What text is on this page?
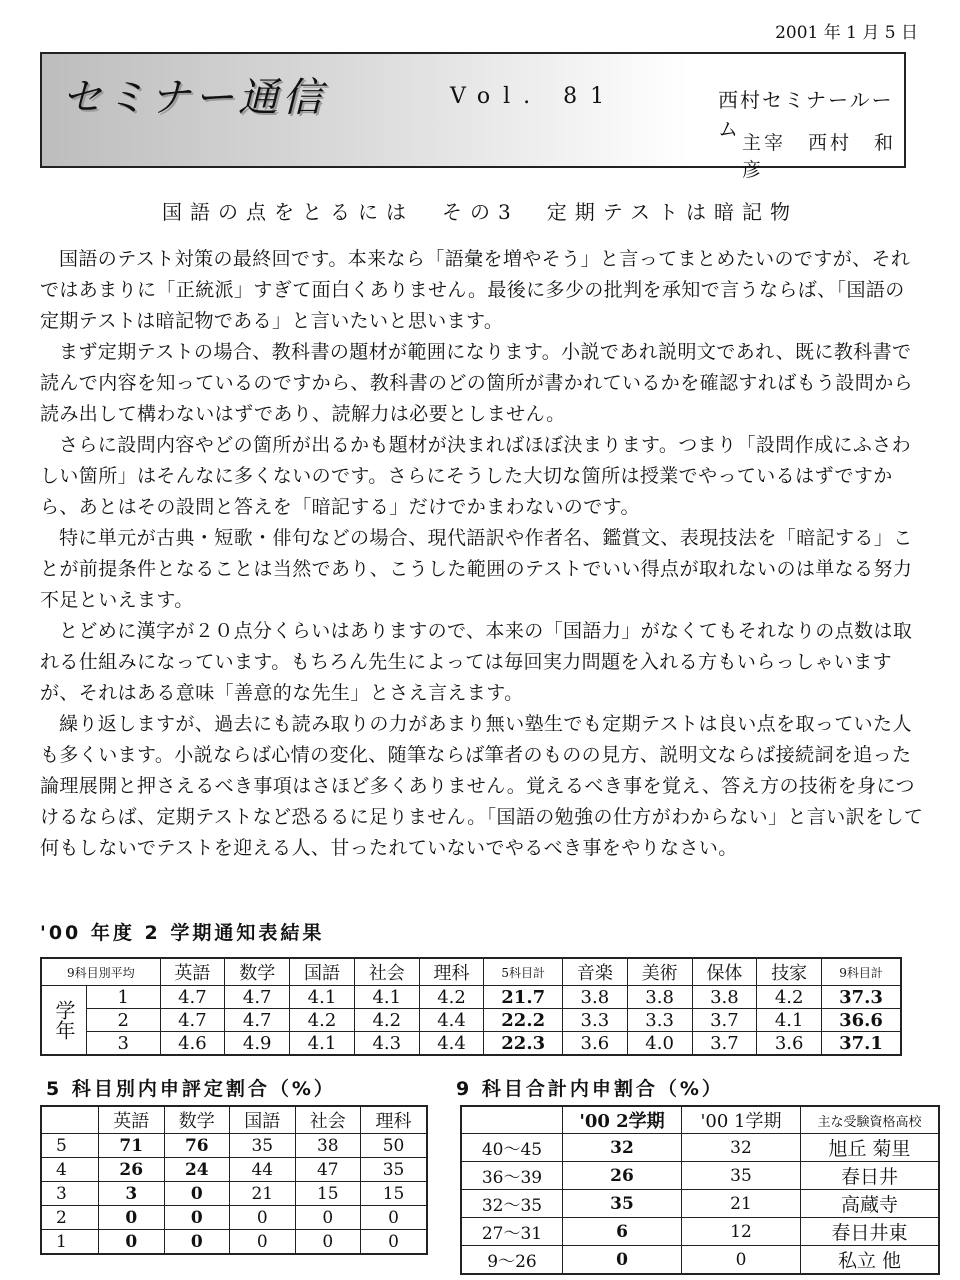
2001 年 1 月 5 日
セミナー通信	Vol. 81	西村セミナールーム
主宰　西村　和彦
国語の点をとるには　その3　定期テストは暗記物

国語のテスト対策の最終回です。本来なら「語彙を増やそう」と言ってまとめたいのですが、それではあまりに「正統派」すぎて面白くありません。最後に多少の批判を承知で言うならば、「国語の定期テストは暗記物である」と言いたいと思います。

まず定期テストの場合、教科書の題材が範囲になります。小説であれ説明文であれ、既に教科書で読んで内容を知っているのですから、教科書のどの箇所が書かれているかを確認すればもう設問から読み出して構わないはずであり、読解力は必要としません。

さらに設問内容やどの箇所が出るかも題材が決まればほぼ決まります。つまり「設問作成にふさわしい箇所」はそんなに多くないのです。さらにそうした大切な箇所は授業でやっているはずですから、あとはその設問と答えを「暗記する」だけでかまわないのです。

特に単元が古典・短歌・俳句などの場合、現代語訳や作者名、鑑賞文、表現技法を「暗記する」ことが前提条件となることは当然であり、こうした範囲のテストでいい得点が取れないのは単なる努力不足といえます。

とどめに漢字が２０点分くらいはありますので、本来の「国語力」がなくてもそれなりの点数は取れる仕組みになっています。もちろん先生によっては毎回実力問題を入れる方もいらっしゃいますが、それはある意味「善意的な先生」とさえ言えます。

繰り返しますが、過去にも読み取りの力があまり無い塾生でも定期テストは良い点を取っていた人も多くいます。小説ならば心情の変化、随筆ならば筆者のものの見方、説明文ならば接続詞を追った論理展開と押さえるべき事項はさほど多くありません。覚えるべき事を覚え、答え方の技術を身につけるならば、定期テストなど恐るるに足りません。「国語の勉強の仕方がわからない」と言い訳をして何もしないでテストを迎える人、甘ったれていないでやるべき事をやりなさい。

'00 年度 2 学期通知表結果
9科目別平均		英語	数学	国語	社会	理科	5科目計	音楽	美術	保体	技家	9科目計
学年	1	4.7	4.7	4.1	4.1	4.2	21.7	3.8	3.8	3.8	4.2	37.3
	2	4.7	4.7	4.2	4.2	4.4	22.2	3.3	3.3	3.7	4.1	36.6
	3	4.6	4.9	4.1	4.3	4.4	22.3	3.6	4.0	3.7	3.6	37.1
5 科目別内申評定割合（%）	9 科目合計内申割合（%）
	英語	数学	国語	社会	理科
5	71	76	35	38	50
4	26	24	44	47	35
3	3	0	21	15	15
2	0	0	0	0	0
1	0	0	0	0	0
	'00 2学期	'00 1学期	主な受験資格高校
40～45	32	32	旭丘 菊里
36～39	26	35	春日井
32～35	35	21	高蔵寺
27～31	6	12	春日井東
9～26	0	0	私立 他
